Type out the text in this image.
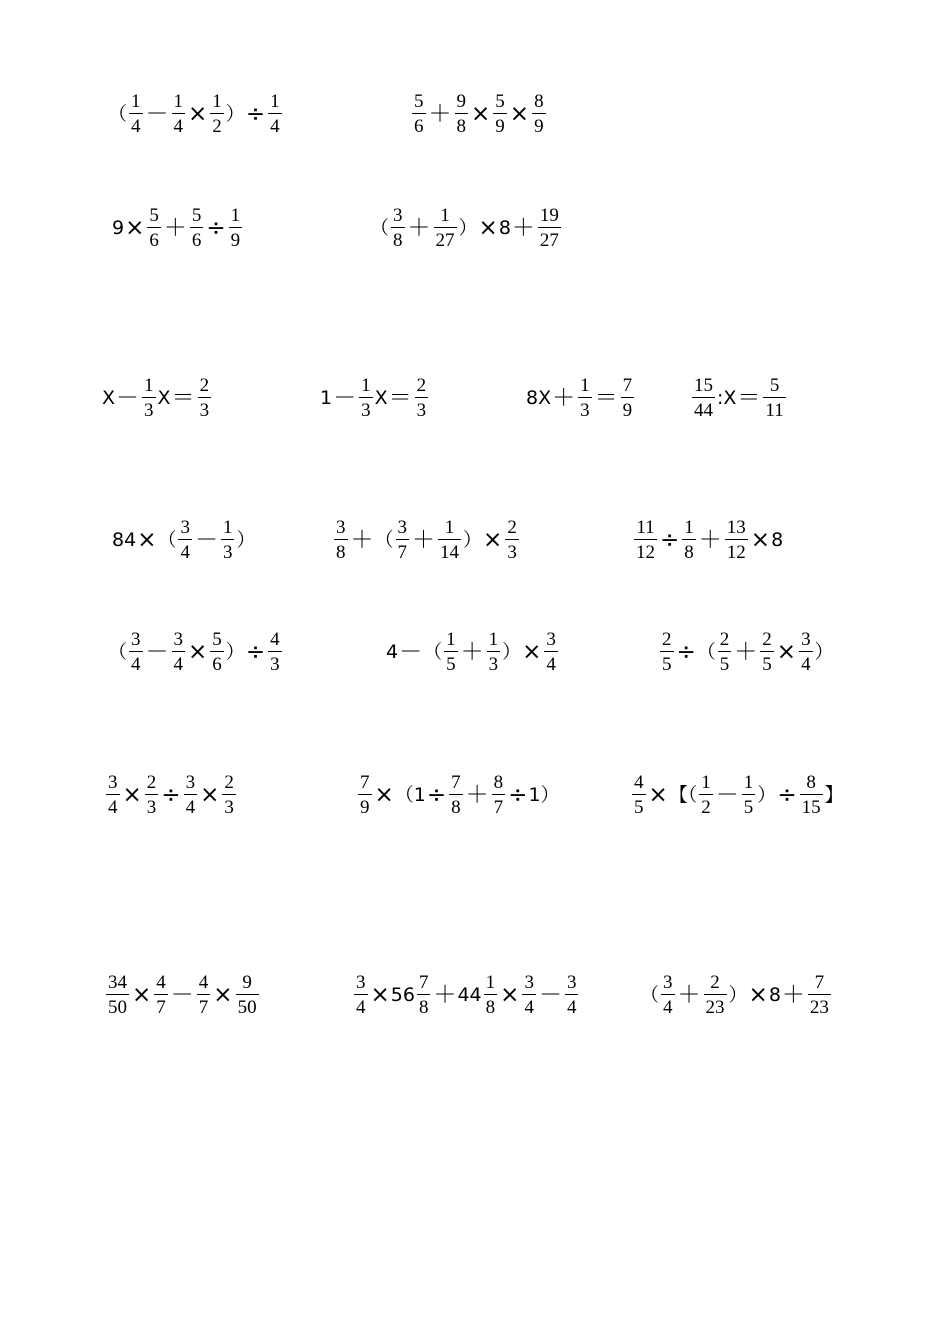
（ $\frac{1}{4} - \frac{1}{4} \times \frac{1}{2}$ ） ÷ $\frac{1}{4}$	$\frac{5}{6} + \frac{9}{8} \times \frac{5}{9} \times \frac{8}{9}$
$9 \times \frac{5}{6} + \frac{5}{6} \div \frac{1}{9}$	（ $\frac{3}{8} + \frac{1}{27}$ ） × $8 + \frac{19}{27}$
$X - \frac{1}{3}$ $X = \frac{2}{3}$	$1 - \frac{1}{3}$ $X = \frac{2}{3}$	$8X + \frac{1}{3} = \frac{7}{9}$	$\frac{15}{44}$ :X ＝ $\frac{5}{11}$
84 × （ $\frac{3}{4} - \frac{1}{3}$ ）	$\frac{3}{8}$ ＋ （ $\frac{3}{7} + \frac{1}{14}$ ） × $\frac{2}{3}$	$\frac{11}{12} \div \frac{1}{8} + \frac{13}{12} \times 8$
（ $\frac{3}{4} - \frac{3}{4} \times \frac{5}{6}$ ） ÷ $\frac{4}{3}$	4 － （ $\frac{1}{5} + \frac{1}{3}$ ） × $\frac{3}{4}$	$\frac{2}{5}$ ÷ （ $\frac{2}{5} + \frac{2}{5} \times \frac{3}{4}$ ）
$\frac{3}{4} \times \frac{2}{3} \div \frac{3}{4} \times \frac{2}{3}$	$\frac{7}{9} \times (1 \div \frac{7}{8} + \frac{8}{7} \div 1)$	$\frac{4}{5}$ × 【（ $\frac{1}{2} - \frac{1}{5}$ ） ÷ $\frac{8}{15}$ 】
$\frac{34}{50} \times \frac{4}{7} - \frac{4}{7} \times \frac{9}{50}$	$\frac{3}{4} \times 56 \frac{7}{8} + 44 \frac{1}{8} \times \frac{3}{4} - \frac{3}{4}$	（ $\frac{3}{4} + \frac{2}{23}$ ） × $8 + \frac{7}{23}$
